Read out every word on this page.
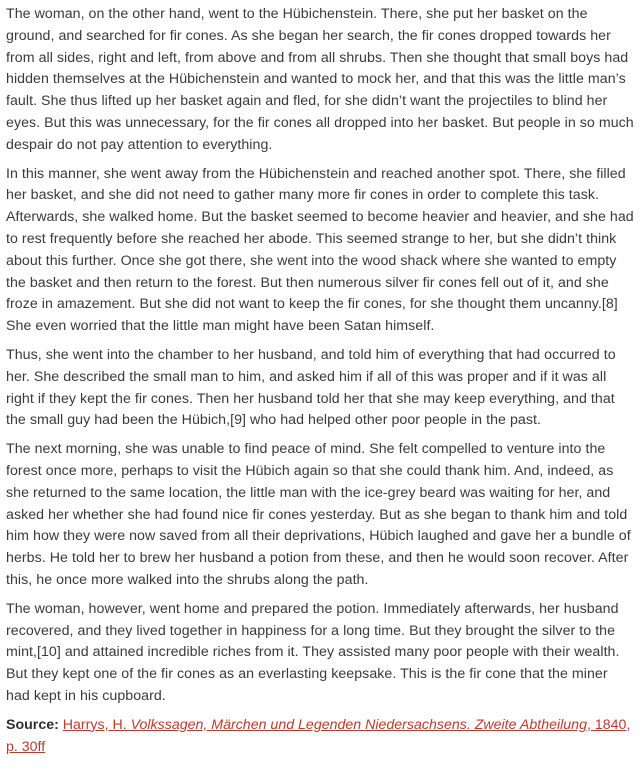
The woman, on the other hand, went to the Hübichenstein. There, she put her basket on the ground, and searched for fir cones. As she began her search, the fir cones dropped towards her from all sides, right and left, from above and from all shrubs. Then she thought that small boys had hidden themselves at the Hübichenstein and wanted to mock her, and that this was the little man’s fault. She thus lifted up her basket again and fled, for she didn’t want the projectiles to blind her eyes. But this was unnecessary, for the fir cones all dropped into her basket. But people in so much despair do not pay attention to everything.

In this manner, she went away from the Hübichenstein and reached another spot. There, she filled her basket, and she did not need to gather many more fir cones in order to complete this task. Afterwards, she walked home. But the basket seemed to become heavier and heavier, and she had to rest frequently before she reached her abode. This seemed strange to her, but she didn’t think about this further. Once she got there, she went into the wood shack where she wanted to empty the basket and then return to the forest. But then numerous silver fir cones fell out of it, and she froze in amazement. But she did not want to keep the fir cones, for she thought them uncanny.[8] She even worried that the little man might have been Satan himself.

Thus, she went into the chamber to her husband, and told him of everything that had occurred to her. She described the small man to him, and asked him if all of this was proper and if it was all right if they kept the fir cones. Then her husband told her that she may keep everything, and that the small guy had been the Hübich,[9] who had helped other poor people in the past.

The next morning, she was unable to find peace of mind. She felt compelled to venture into the forest once more, perhaps to visit the Hübich again so that she could thank him. And, indeed, as she returned to the same location, the little man with the ice-grey beard was waiting for her, and asked her whether she had found nice fir cones yesterday. But as she began to thank him and told him how they were now saved from all their deprivations, Hübich laughed and gave her a bundle of herbs. He told her to brew her husband a potion from these, and then he would soon recover. After this, he once more walked into the shrubs along the path.

The woman, however, went home and prepared the potion. Immediately afterwards, her husband recovered, and they lived together in happiness for a long time. But they brought the silver to the mint,[10] and attained incredible riches from it. They assisted many poor people with their wealth. But they kept one of the fir cones as an everlasting keepsake. This is the fir cone that the miner had kept in his cupboard.

Source: Harrys, H. Volkssagen, Märchen und Legenden Niedersachsens. Zweite Abtheilung, 1840, p. 30ff
